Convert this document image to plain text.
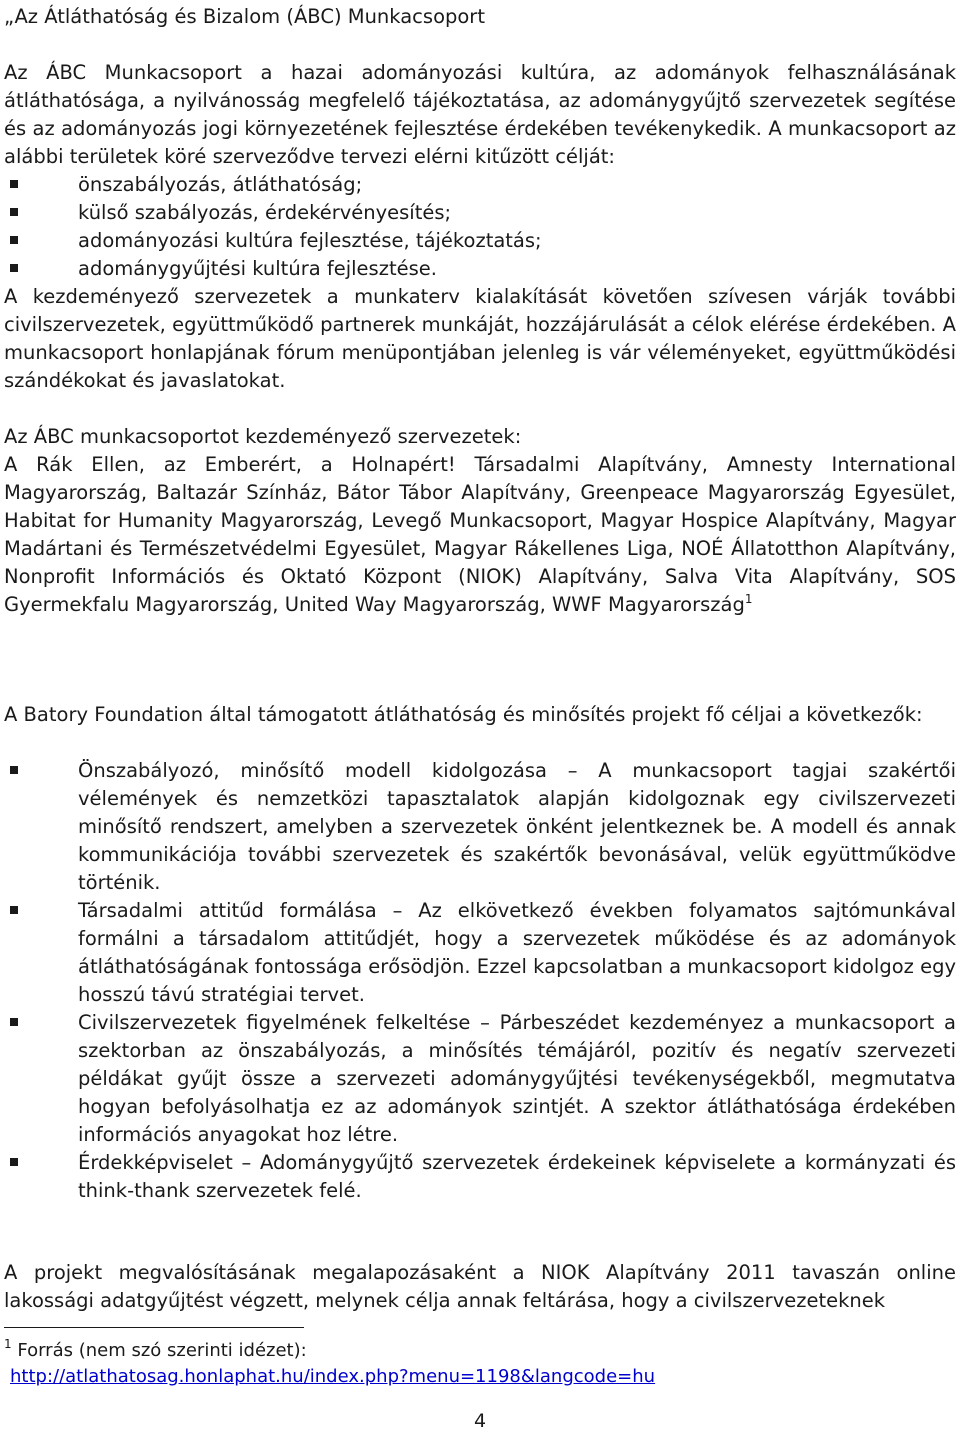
„Az Átláthatóság és Bizalom (ÁBC) Munkacsoport

Az ÁBC Munkacsoport a hazai adományozási kultúra, az adományok felhasználásának átláthatósága, a nyilvánosság megfelelő tájékoztatása, az adománygyűjtő szervezetek segítése és az adományozás jogi környezetének fejlesztése érdekében tevékenykedik. A munkacsoport az alábbi területek köré szerveződve tervezi elérni kitűzött célját:

önszabályozás, átláthatóság;
külső szabályozás, érdekérvényesítés;
adományozási kultúra fejlesztése, tájékoztatás;
adománygyűjtési kultúra fejlesztése.

A kezdeményező szervezetek a munkaterv kialakítását követően szívesen várják további civilszervezetek, együttműködő partnerek munkáját, hozzájárulását a célok elérése érdekében. A munkacsoport honlapjának fórum menüpontjában jelenleg is vár véleményeket, együttműködési szándékokat és javaslatokat.

Az ÁBC munkacsoportot kezdeményező szervezetek:

A Rák Ellen, az Emberért, a Holnapért! Társadalmi Alapítvány, Amnesty International Magyarország, Baltazár Színház, Bátor Tábor Alapítvány, Greenpeace Magyarország Egyesület, Habitat for Humanity Magyarország, Levegő Munkacsoport, Magyar Hospice Alapítvány, Magyar Madártani és Természetvédelmi Egyesület, Magyar Rákellenes Liga, NOÉ Állatotthon Alapítvány, Nonprofit Információs és Oktató Központ (NIOK) Alapítvány, Salva Vita Alapítvány, SOS Gyermekfalu Magyarország, United Way Magyarország, WWF Magyarország$^1$

A Batory Foundation által támogatott átláthatóság és minősítés projekt fő céljai a következők:

Önszabályozó, minősítő modell kidolgozása – A munkacsoport tagjai szakértői vélemények és nemzetközi tapasztalatok alapján kidolgoznak egy civilszervezeti minősítő rendszert, amelyben a szervezetek önként jelentkeznek be. A modell és annak kommunikációja további szervezetek és szakértők bevonásával, velük együttműködve történik.
Társadalmi attitűd formálása – Az elkövetkező években folyamatos sajtómunkával formálni a társadalom attitűdjét, hogy a szervezetek működése és az adományok átláthatóságának fontossága erősödjön. Ezzel kapcsolatban a munkacsoport kidolgoz egy hosszú távú stratégiai tervet.
Civilszervezetek figyelmének felkeltése – Párbeszédet kezdeményez a munkacsoport a szektorban az önszabályozás, a minősítés témájáról, pozitív és negatív szervezeti példákat gyűjt össze a szervezeti adománygyűjtési tevékenységekből, megmutatva hogyan befolyásolhatja ez az adományok szintjét. A szektor átláthatósága érdekében információs anyagokat hoz létre.
Érdekképviselet – Adománygyűjtő szervezetek érdekeinek képviselete a kormányzati és think-thank szervezetek felé.

A projekt megvalósításának megalapozásaként a NIOK Alapítvány 2011 tavaszán online lakossági adatgyűjtést végzett, melynek célja annak feltárása, hogy a civilszervezeteknek

$^1$ Forrás (nem szó szerinti idézet):
http://atlathatosag.honlaphat.hu/index.php?menu=1198&langcode=hu
4
